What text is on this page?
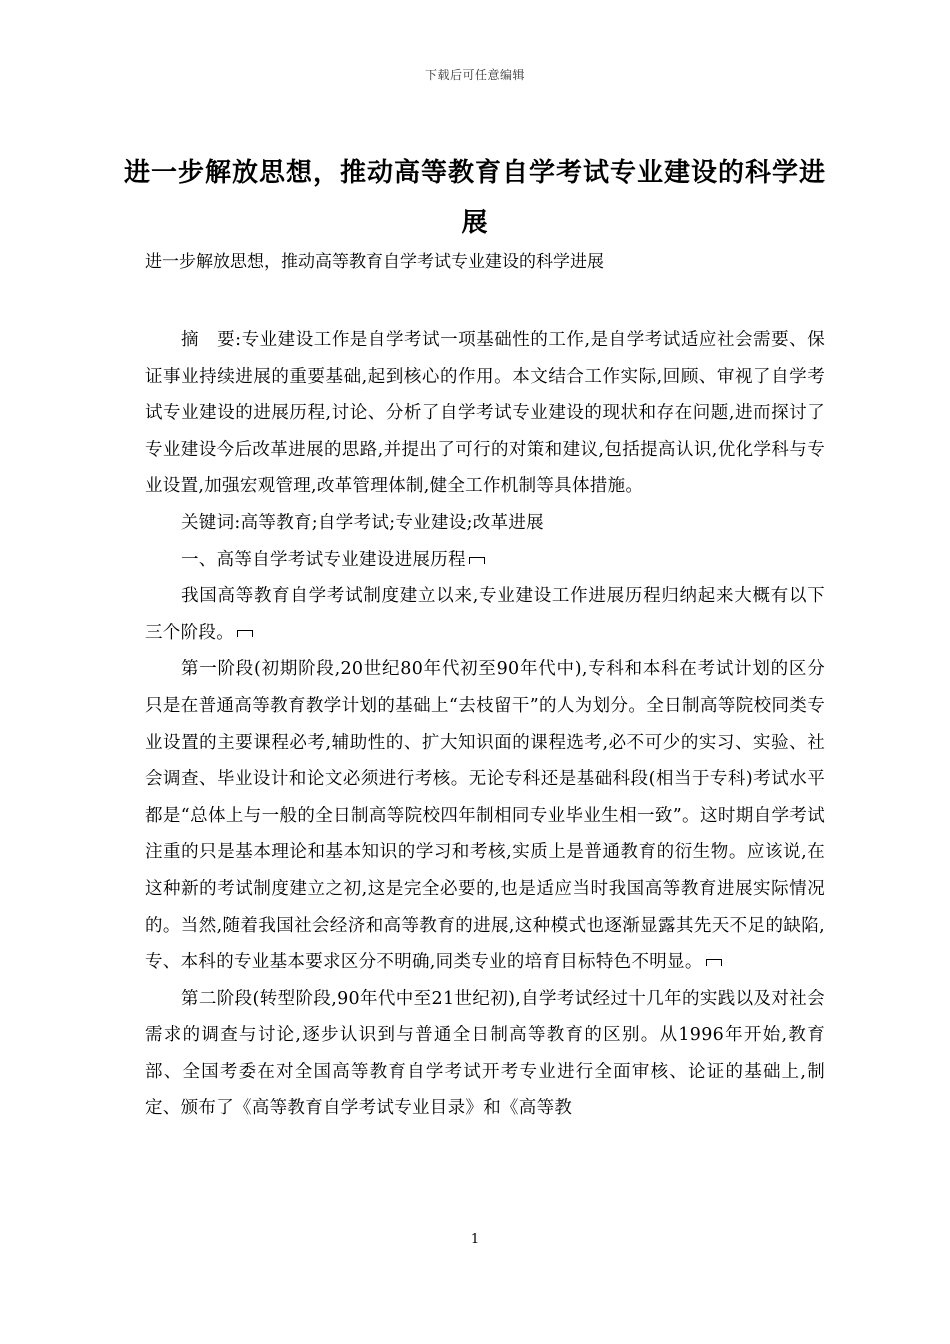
下载后可任意编辑
进一步解放思想，推动高等教育自学考试专业建设的科学进展
进一步解放思想，推动高等教育自学考试专业建设的科学进展

摘　要:专业建设工作是自学考试一项基础性的工作,是自学考试适应社会需要、保证事业持续进展的重要基础,起到核心的作用。本文结合工作实际,回顾、审视了自学考试专业建设的进展历程,讨论、分析了自学考试专业建设的现状和存在问题,进而探讨了专业建设今后改革进展的思路,并提出了可行的对策和建议,包括提高认识,优化学科与专业设置,加强宏观管理,改革管理体制,健全工作机制等具体措施。

关键词:高等教育;自学考试;专业建设;改革进展

一、高等自学考试专业建设进展历程

我国高等教育自学考试制度建立以来,专业建设工作进展历程归纳起来大概有以下三个阶段。

第一阶段(初期阶段,20世纪80年代初至90年代中),专科和本科在考试计划的区分只是在普通高等教育教学计划的基础上“去枝留干”的人为划分。全日制高等院校同类专业设置的主要课程必考,辅助性的、扩大知识面的课程选考,必不可少的实习、实验、社会调查、毕业设计和论文必须进行考核。无论专科还是基础科段(相当于专科)考试水平都是“总体上与一般的全日制高等院校四年制相同专业毕业生相一致”。这时期自学考试注重的只是基本理论和基本知识的学习和考核,实质上是普通教育的衍生物。应该说,在这种新的考试制度建立之初,这是完全必要的,也是适应当时我国高等教育进展实际情况的。当然,随着我国社会经济和高等教育的进展,这种模式也逐渐显露其先天不足的缺陷,专、本科的专业基本要求区分不明确,同类专业的培育目标特色不明显。

第二阶段(转型阶段,90年代中至21世纪初),自学考试经过十几年的实践以及对社会需求的调查与讨论,逐步认识到与普通全日制高等教育的区别。从1996年开始,教育部、全国考委在对全国高等教育自学考试开考专业进行全面审核、论证的基础上,制定、颁布了《高等教育自学考试专业目录》和《高等教

1
